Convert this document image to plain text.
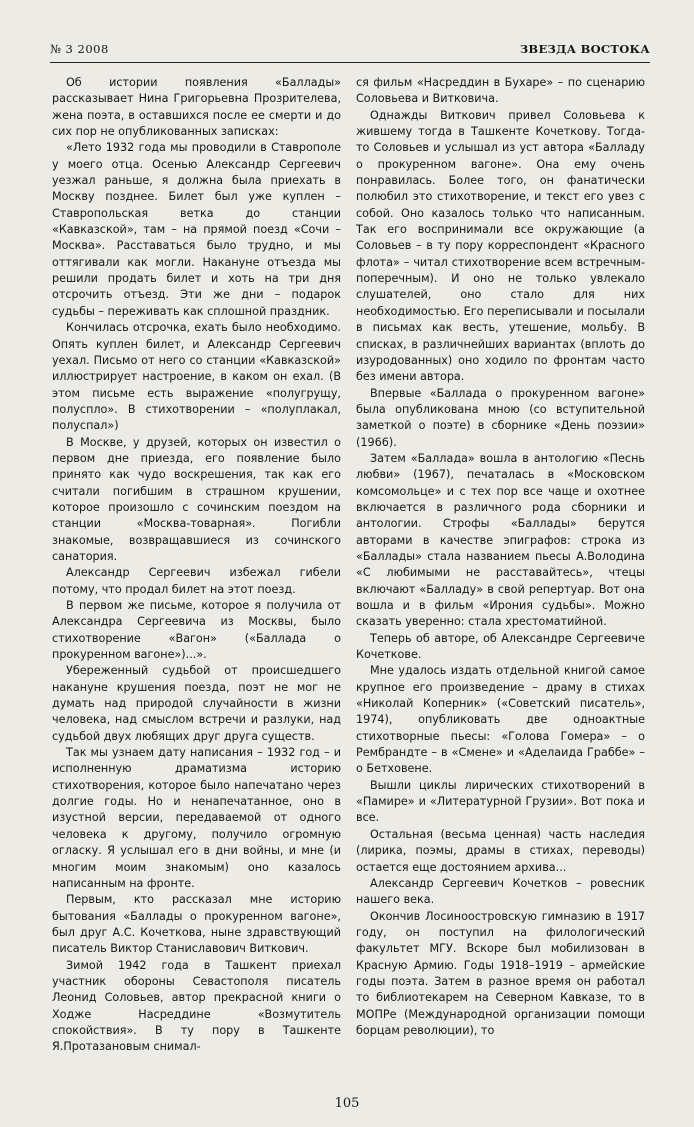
№ 3 2008	ЗВЕЗДА ВОСТОКА

Об истории появления «Баллады» рассказывает Нина Григорьевна Прозрителева, жена поэта, в оставшихся после ее смерти и до сих пор не опубликованных записках:

«Лето 1932 года мы проводили в Ставрополе у моего отца. Осенью Александр Сергеевич уезжал раньше, я должна была приехать в Москву позднее. Билет был уже куплен – Ставропольская ветка до станции «Кавказской», там – на прямой поезд «Сочи – Москва». Расставаться было трудно, и мы оттягивали как могли. Накануне отъезда мы решили продать билет и хоть на три дня отсрочить отъезд. Эти же дни – подарок судьбы – переживать как сплошной праздник.

Кончилась отсрочка, ехать было необходимо. Опять куплен билет, и Александр Сергеевич уехал. Письмо от него со станции «Кавказской» иллюстрирует настроение, в каком он ехал. (В этом письме есть выражение «полугрущу, полуспло». В стихотворении – «полуплакал, полуспал»)

В Москве, у друзей, которых он известил о первом дне приезда, его появление было принято как чудо воскрешения, так как его считали погибшим в страшном крушении, которое произошло с сочинским поездом на станции «Москва-товарная». Погибли знакомые, возвращавшиеся из сочинского санатория.

Александр Сергеевич избежал гибели потому, что продал билет на этот поезд.

В первом же письме, которое я получила от Александра Сергеевича из Москвы, было стихотворение «Вагон» («Баллада о прокуренном вагоне»)...».

Убереженный судьбой от происшедшего накануне крушения поезда, поэт не мог не думать над природой случайности в жизни человека, над смыслом встречи и разлуки, над судьбой двух любящих друг друга существ.

Так мы узнаем дату написания – 1932 год – и исполненную драматизма историю стихотворения, которое было напечатано через долгие годы. Но и ненапечатанное, оно в изустной версии, передаваемой от одного человека к другому, получило огромную огласку. Я услышал его в дни войны, и мне (и многим моим знакомым) оно казалось написанным на фронте.

Первым, кто рассказал мне историю бытования «Баллады о прокуренном вагоне», был друг А.С. Кочеткова, ныне здравствующий писатель Виктор Станиславович Виткович.

Зимой 1942 года в Ташкент приехал участник обороны Севастополя писатель Леонид Соловьев, автор прекрасной книги о Ходже Насреддине «Возмутитель спокойствия». В ту пору в Ташкенте Я.Протазановым снимал-

ся фильм «Насреддин в Бухаре» – по сценарию Соловьева и Витковича.

Однажды Виткович привел Соловьева к жившему тогда в Ташкенте Кочеткову. Тогда-то Соловьев и услышал из уст автора «Балладу о прокуренном вагоне». Она ему очень понравилась. Более того, он фанатически полюбил это стихотворение, и текст его увез с собой. Оно казалось только что написанным. Так его воспринимали все окружающие (а Соловьев – в ту пору корреспондент «Красного флота» – читал стихотворение всем встречным-поперечным). И оно не только увлекало слушателей, оно стало для них необходимостью. Его переписывали и посылали в письмах как весть, утешение, мольбу. В списках, в различнейших вариантах (вплоть до изуродованных) оно ходило по фронтам часто без имени автора.

Впервые «Баллада о прокуренном вагоне» была опубликована мною (со вступительной заметкой о поэте) в сборнике «День поэзии» (1966).

Затем «Баллада» вошла в антологию «Песнь любви» (1967), печаталась в «Московском комсомольце» и с тех пор все чаще и охотнее включается в различного рода сборники и антологии. Строфы «Баллады» берутся авторами в качестве эпиграфов: строка из «Баллады» стала названием пьесы А.Володина «С любимыми не расставайтесь», чтецы включают «Балладу» в свой репертуар. Вот она вошла и в фильм «Ирония судьбы». Можно сказать уверенно: стала хрестоматийной.

Теперь об авторе, об Александре Сергеевиче Кочеткове.

Мне удалось издать отдельной книгой самое крупное его произведение – драму в стихах «Николай Коперник» («Советский писатель», 1974), опубликовать две одноактные стихотворные пьесы: «Голова Гомера» – о Рембрандте – в «Смене» и «Аделаида Граббе» – о Бетховене.

Вышли циклы лирических стихотворений в «Памире» и «Литературной Грузии». Вот пока и все.

Остальная (весьма ценная) часть наследия (лирика, поэмы, драмы в стихах, переводы) остается еще достоянием архива...

Александр Сергеевич Кочетков – ровесник нашего века.

Окончив Лосиноостровскую гимназию в 1917 году, он поступил на филологический факультет МГУ. Вскоре был мобилизован в Красную Армию. Годы 1918–1919 – армейские годы поэта. Затем в разное время он работал то библиотекарем на Северном Кавказе, то в МОПРе (Международной организации помощи борцам революции), то

105
